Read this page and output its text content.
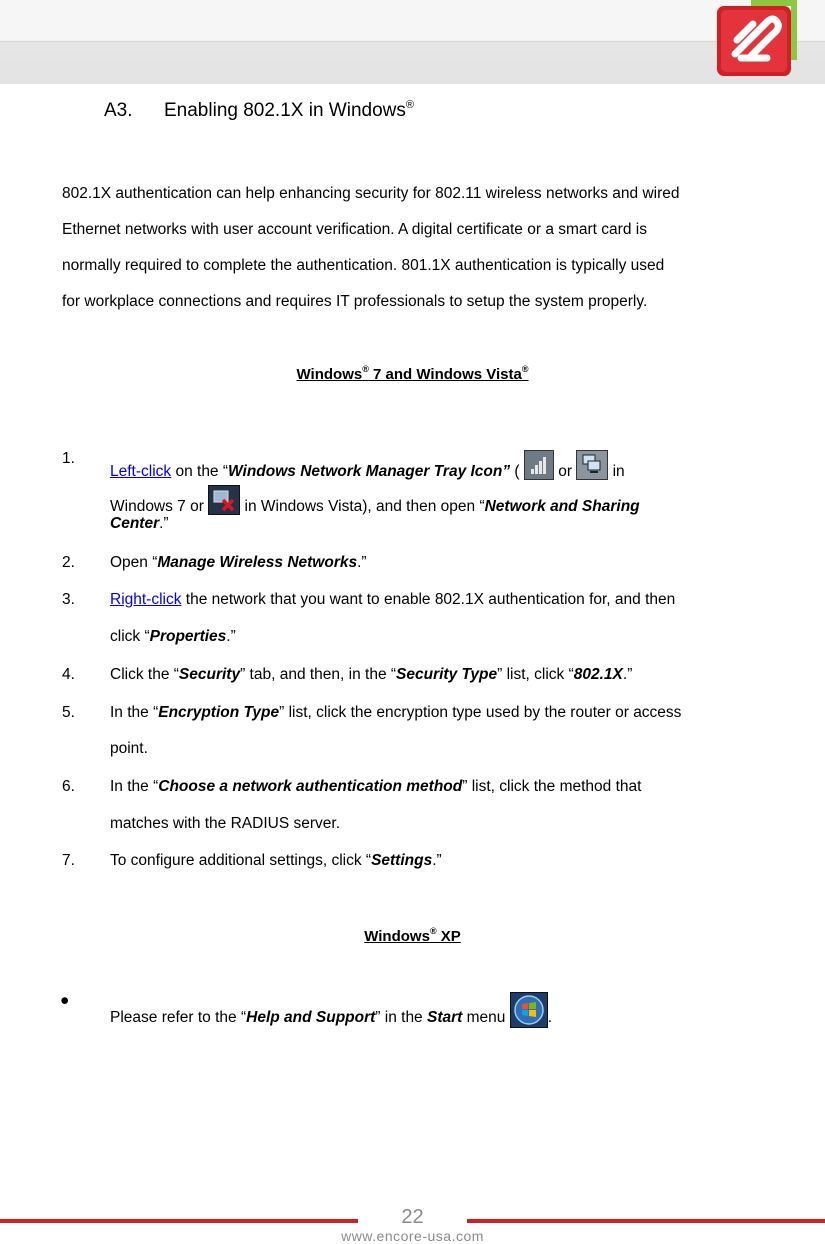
A3. Enabling 802.1X in Windows®
802.1X authentication can help enhancing security for 802.11 wireless networks and wired
Ethernet networks with user account verification. A digital certificate or a smart card is
normally required to complete the authentication. 801.1X authentication is typically used
for workplace connections and requires IT professionals to setup the system properly.
Windows® 7 and Windows Vista®
1.
Left-click on the “Windows Network Manager Tray Icon” (  or  in
Windows 7 or  in Windows Vista), and then open “Network and Sharing
Center.”
2. Open “Manage Wireless Networks.”
3. Right-click the network that you want to enable 802.1X authentication for, and then
click “Properties.”
4. Click the “Security” tab, and then, in the “Security Type” list, click “802.1X.”
5. In the “Encryption Type” list, click the encryption type used by the router or access
point.
6. In the “Choose a network authentication method” list, click the method that
matches with the RADIUS server.
7. To configure additional settings, click “Settings.”
Windows® XP
●
Please refer to the “Help and Support” in the Start menu .
22
www.encore-usa.com
